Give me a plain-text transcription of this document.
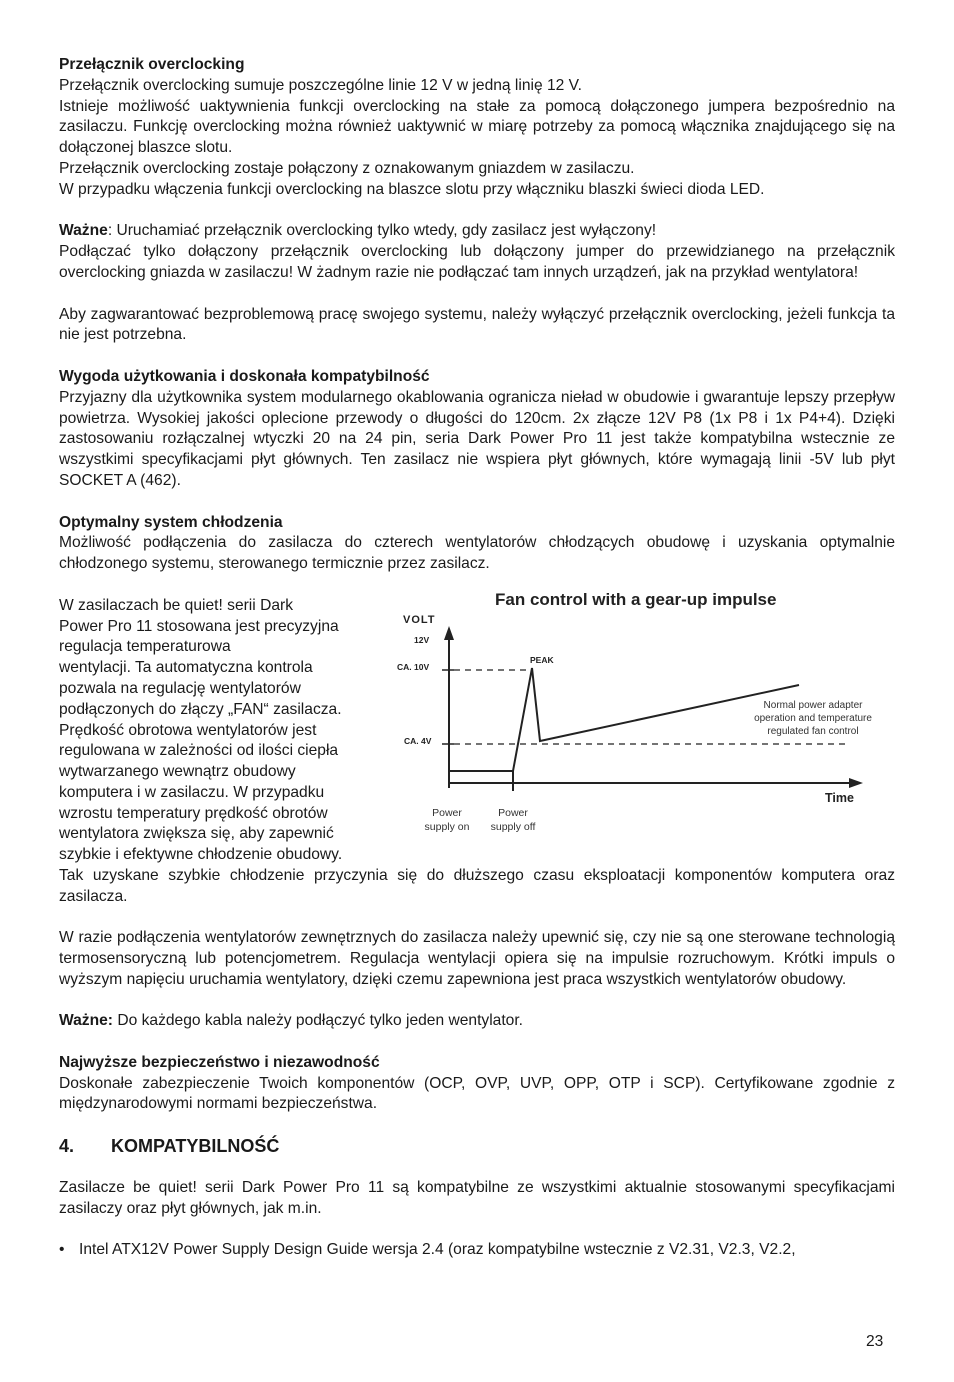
Przełącznik overclocking

Przełącznik overclocking sumuje poszczególne linie 12 V w jedną linię 12 V.

Istnieje możliwość uaktywnienia funkcji overclocking na stałe za pomocą dołączonego jumpera bezpośrednio na zasilaczu. Funkcję overclocking można również uaktywnić w miarę potrzeby za pomocą włącznika znajdującego się na dołączonej blaszce slotu.

Przełącznik overclocking zostaje połączony z oznakowanym gniazdem w zasilaczu.

W przypadku włączenia funkcji overclocking na blaszce slotu przy włączniku blaszki świeci dioda LED.

Ważne: Uruchamiać przełącznik overclocking tylko wtedy, gdy zasilacz jest wyłączony!

Podłączać tylko dołączony przełącznik overclocking lub dołączony jumper do przewidzianego na przełącznik overclocking gniazda w zasilaczu! W żadnym razie nie podłączać tam innych urządzeń, jak na przykład wentylatora!

Aby zagwarantować bezproblemową pracę swojego systemu, należy wyłączyć przełącznik overclocking, jeżeli funkcja ta nie jest potrzebna.

Wygoda użytkowania i doskonała kompatybilność

Przyjazny dla użytkownika system modularnego okablowania ogranicza nieład w obudowie i gwarantuje lepszy przepływ powietrza. Wysokiej jakości oplecione przewody o długości do 120cm. 2x złącze 12V P8 (1x P8 i 1x P4+4). Dzięki zastosowaniu rozłączalnej wtyczki 20 na 24 pin, seria Dark Power Pro 11 jest także kompatybilna wstecznie ze wszystkimi specyfikacjami płyt głównych. Ten zasilacz nie wspiera płyt głównych, które wymagają linii -5V lub płyt SOCKET A (462).

Optymalny system chłodzenia

Możliwość podłączenia do zasilacza do czterech wentylatorów chłodzących obudowę i uzyskania optymalnie chłodzonego systemu, sterowanego termicznie przez zasilacz.

W zasilaczach be quiet! serii Dark
Power Pro 11 stosowana jest precyzyjna
regulacja temperaturowa
wentylacji. Ta automatyczna kontrola
pozwala na regulację wentylatorów
podłączonych do złączy „FAN“ zasilacza.
Prędkość obrotowa wentylatorów jest
regulowana w zależności od ilości ciepła
wytwarzanego wewnątrz obudowy
komputera i w zasilaczu. W przypadku
wzrostu temperatury prędkość obrotów
wentylatora zwiększa się, aby zapewnić
szybkie i efektywne chłodzenie obudowy.
Fan control with a gear-up impulse
VOLT
12V
CA. 10V
CA. 4V
PEAK
Normal power adapter
operation and temperature
regulated fan control
Time
Power
supply on
Power
supply off

Tak uzyskane szybkie chłodzenie przyczynia się do dłuższego czasu eksploatacji komponentów komputera oraz zasilacza.

W razie podłączenia wentylatorów zewnętrznych do zasilacza należy upewnić się, czy nie są one sterowane technologią termosensoryczną lub potencjometrem. Regulacja wentylacji opiera się na impulsie rozruchowym. Krótki impuls o wyższym napięciu uruchamia wentylatory, dzięki czemu zapewniona jest praca wszystkich wentylatorów obudowy.

Ważne: Do każdego kabla należy podłączyć tylko jeden wentylator.

Najwyższe bezpieczeństwo i niezawodność

Doskonałe zabezpieczenie Twoich komponentów (OCP, OVP, UVP, OPP, OTP i SCP). Certyfikowane zgodnie z międzynarodowymi normami bezpieczeństwa.

4.	KOMPATYBILNOŚĆ

Zasilacze be quiet! serii Dark Power Pro 11 są kompatybilne ze wszystkimi aktualnie stosowanymi specyfikacjami zasilaczy oraz płyt głównych, jak m.in.

• Intel ATX12V Power Supply Design Guide wersja 2.4 (oraz kompatybilne wstecznie z V2.31, V2.3, V2.2,
23
